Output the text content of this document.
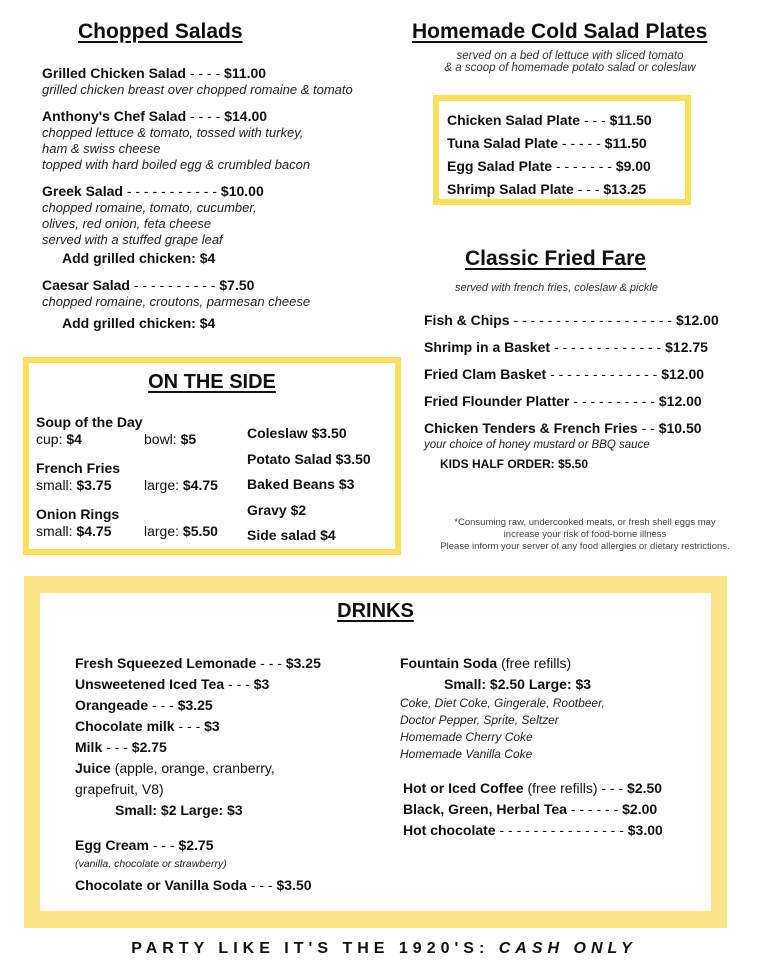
Chopped Salads
Grilled Chicken Salad - - - - $11.00
grilled chicken breast over chopped romaine & tomato
Anthony's Chef Salad - - - - $14.00
chopped lettuce & tomato, tossed with turkey,
ham & swiss cheese
topped with hard boiled egg & crumbled bacon
Greek Salad - - - - - - - - - - - $10.00
chopped romaine, tomato, cucumber,
olives, red onion, feta cheese
served with a stuffed grape leaf
Add grilled chicken: $4
Caesar Salad - - - - - - - - - - $7.50
chopped romaine, croutons, parmesan cheese
Add grilled chicken: $4
Homemade Cold Salad Plates
served on a bed of lettuce with sliced tomato
& a scoop of homemade potato salad or coleslaw
Chicken Salad Plate - - - $11.50
Tuna Salad Plate - - - - - $11.50
Egg Salad Plate - - - - - - - $9.00
Shrimp Salad Plate - - - $13.25
Classic Fried Fare
served with french fries, coleslaw & pickle
Fish & Chips - - - - - - - - - - - - - - - - - - - $12.00
Shrimp in a Basket - - - - - - - - - - - - - $12.75
Fried Clam Basket - - - - - - - - - - - - - $12.00
Fried Flounder Platter - - - - - - - - - - $12.00
Chicken Tenders & French Fries - - $10.50
your choice of honey mustard or BBQ sauce
KIDS HALF ORDER: $5.50
*Consuming raw, undercooked meats, or fresh shell eggs may
increase your risk of food-borne illness
Please inform your server of any food allergies or dietary restrictions.
ON THE SIDE
Soup of the Day
cup: $4	bowl: $5
French Fries
small: $3.75 large: $4.75
Onion Rings
small: $4.75 large: $5.50
Coleslaw $3.50
Potato Salad $3.50
Baked Beans $3
Gravy $2
Side salad $4
DRINKS
Fresh Squeezed Lemonade - - - $3.25
Unsweetened Iced Tea - - - $3
Orangeade - - - $3.25
Chocolate milk - - - $3
Milk - - - $2.75
Juice (apple, orange, cranberry,
grapefruit, V8)
Small: $2 Large: $3
Egg Cream - - - $2.75
(vanilla, chocolate or strawberry)
Chocolate or Vanilla Soda - - - $3.50
Fountain Soda (free refills)
Small: $2.50 Large: $3
Coke, Diet Coke, Gingerale, Rootbeer,
Doctor Pepper, Sprite, Seltzer
Homemade Cherry Coke
Homemade Vanilla Coke
Hot or Iced Coffee (free refills) - - - $2.50
Black, Green, Herbal Tea - - - - - - $2.00
Hot chocolate - - - - - - - - - - - - - - - $3.00
PARTY LIKE IT'S THE 1920'S: CASH ONLY
